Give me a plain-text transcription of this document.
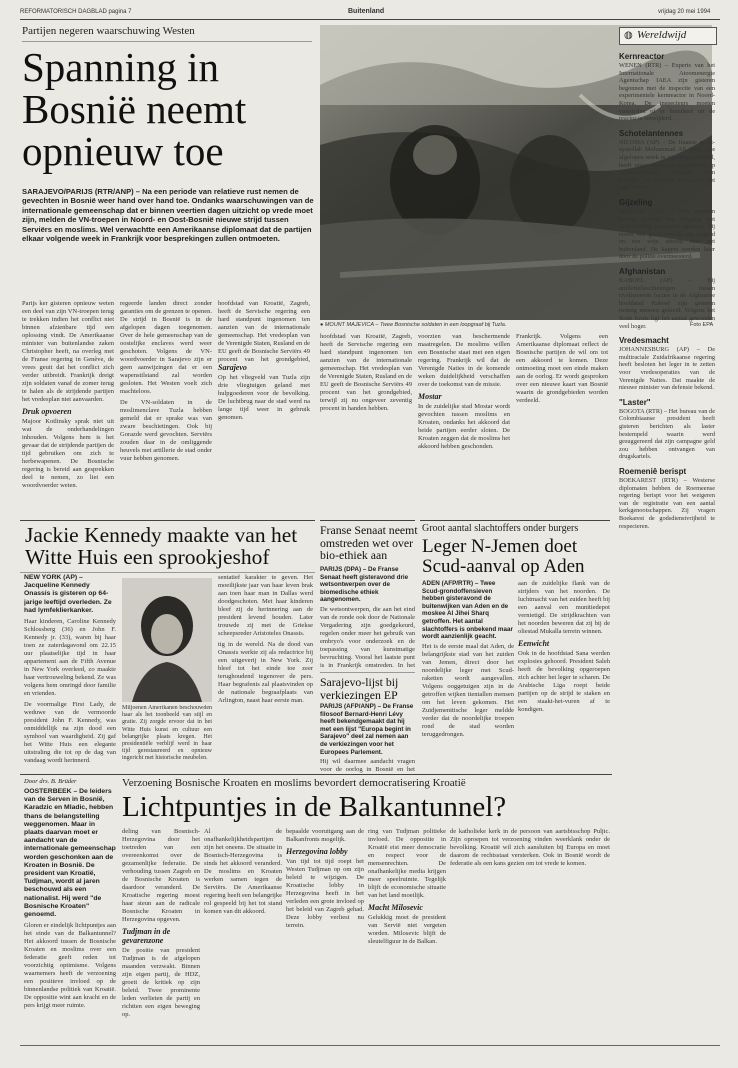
REFORMATORISCH DAGBLAD pagina 7	Buitenland	vrijdag 20 mei 1994
Partijen negeren waarschuwing Westen
Spanning in Bosnië neemt opnieuw toe
SARAJEVO/PARIJS (RTR/ANP) – Na een periode van relatieve rust nemen de gevechten in Bosnië weer hand over hand toe. Ondanks waarschuwingen van de internationale gemeenschap dat er binnen veertien dagen uitzicht op vrede moet zijn, melden de VN-troepen in Noord- en Oost-Bosnië nieuwe strijd tussen Serviërs en moslims. Wel verwachtte een Amerikaanse diplomaat dat de partijen elkaar volgende week in Frankrijk voor besprekingen zullen ontmoeten.
Parijs ker gisteren opnieuw weten een deel van zijn VN-troepen terug te trekken indien het conflict niet binnen afzienbare tijd een oplossing vindt. De Amerikaanse minister van buitenlandse zaken Christopher heeft, na overleg met de Franse regering in Genève, de vrees geuit dat het conflict zich verder uitbreidt. Frankrijk dreigt zijn soldaten vanaf de zomer terug te halen als de strijdende partijen het vredesplan niet aanvaarden.
Druk opvoeren
Majoor Kotlinsky sprak niet uit wat de onderhandelingen inhouden. Volgens hem is het gevaar dat de strijdende partijen de tijd gebruiken om zich te herbewapenen. De Bosnische regering is bereid aan gesprekken deel te nemen, zo liet een woordvoerder weten.
regeerde landen direct zonder garanties om de grenzen te openen. De strijd in Bosnië is in de afgelopen dagen toegenomen. Over de hele gemeenschap van de oostelijke enclaves werd weer geschoten. Volgens de VN-woordvoerder in Sarajevo zijn er geen aanwijzingen dat er een wapenstilstand zal worden gesloten. Het Westen voelt zich machteloos.
De VN-soldaten in de moslimenclave Tuzla hebben gemeld dat er sprake was van zware beschietingen. Ook bij Gorazde werd gevochten. Serviërs zouden daar in de omliggende heuvels met artillerie de stad onder vuur hebben genomen.
hoofdstad van Kroatië, Zagreb, heeft de Servische regering een hard standpunt ingenomen ten aanzien van de internationale gemeenschap. Het vredesplan van de Verenigde Staten, Rusland en de EU geeft de Bosnische Serviërs 49 procent van het grondgebied,
Sarajevo
Op het vliegveld van Tuzla zijn drie vliegtuigen geland met hulpgoederen voor de bevolking. De luchtbrug naar de stad werd na lange tijd weer in gebruik genomen.
● MOUNT MAJEVICA – Twee Bosnische soldaten in een loopgraaf bij Tuzla.	Foto EPA
hoofdstad van Kroatië, Zagreb, heeft de Servische regering een hard standpunt ingenomen ten aanzien van de internationale gemeenschap. Het vredesplan van de Verenigde Staten, Rusland en de EU geeft de Bosnische Serviërs 49 procent van het grondgebied, terwijl zij nu ongeveer zeventig procent in handen hebben.
voorzien van beschermende maatregelen. De moslims willen een Bosnische staat met een eigen regering. Frankrijk wil dat de Verenigde Naties in de komende weken duidelijkheid verschaffen over de toekomst van de missie.
Mostar
In de zuidelijke stad Mostar wordt gevochten tussen moslims en Kroaten, ondanks het akkoord dat beide partijen eerder sloten. De Kroaten zeggen dat de moslims het akkoord hebben geschonden.
Frankrijk. Volgens een Amerikaanse diplomaat reflect de Bosnische partijen de wil om tot een akkoord te komen. Deze ontmoeting moet een einde maken aan de oorlog. Er wordt gesproken over een nieuwe kaart van Bosnië waarin de grondgebieden worden verdeeld.
◍ Wereldwijd
Jackie Kennedy maakte van het Witte Huis een sprookjeshof
NEW YORK (AP) – Jacqueline Kennedy Onassis is gisteren op 64-jarige leeftijd overleden. Ze had lymfeklierkanker.
Haar kinderen, Caroline Kennedy Schlossberg (36) en John F. Kennedy jr. (33), waren bij haar toen ze zaterdagavond om 22.15 uur plaatselijke tijd in haar appartement aan de Fifth Avenue in New York overleed, zo maakte haar vertrouweling bekend. Ze was volgens hem omringd door familie en vrienden.
De voormalige First Lady, de weduwe van de vermoorde president John F. Kennedy, was onmiddellijk na zijn dood een symbool van waardigheid. Zij gaf het Witte Huis een elegante uitstraling die tot op de dag van vandaag wordt herinnerd.
Miljoenen Amerikanen beschouwden haar als het toonbeeld van stijl en gratie. Zij zorgde ervoor dat in het Witte Huis kunst en cultuur een belangrijke plaats kregen. Het presidentiële verblijf werd in haar tijd gerestaureerd en opnieuw ingericht met historische meubelen.
sentatief karakter te geven. Het moeilijkste jaar van haar leven brak aan toen haar man in Dallas werd doodgeschoten. Met haar kinderen bleef zij de herinnering aan de president levend houden. Later trouwde zij met de Griekse scheepsreder Aristoteles Onassis.
tig in de wereld. Na de dood van Onassis werkte zij als redactrice bij een uitgeverij in New York. Zij bleef tot het einde toe zeer terughoudend tegenover de pers. Haar begrafenis zal plaatsvinden op de nationale begraafplaats van Arlington, naast haar eerste man.
Franse Senaat neemt omstreden wet over bio-ethiek aan
PARIJS (DPA) – De Franse Senaat heeft gisteravond drie wetsontwerpen over de biomedische ethiek aangenomen.
De wetsontwerpen, die aan het eind van de ronde ook door de Nationale Vergadering zijn goedgekeurd, regelen onder meer het gebruik van embryo's voor onderzoek en de toepassing van kunstmatige bevruchting. Vooral het laatste punt is in Frankrijk omstreden. In het
Sarajevo-lijst bij verkiezingen EP
PARIJS (AFP/ANP) – De Franse filosoof Bernard-Henri Lévy heeft bekendgemaakt dat hij met een lijst "Europa begint in Sarajevo" deel zal nemen aan de verkiezingen voor het Europees Parlement.
Hij wil daarmee aandacht vragen voor de oorlog in Bosnië en het
Groot aantal slachtoffers onder burgers
Leger N-Jemen doet Scud-aanval op Aden
ADEN (AFP/RTR) – Twee Scud-grondoffensieven hebben gisteravond de buitenwijken van Aden en de moskee Al Jihei Sharq getroffen. Het aantal slachtoffers is onbekend maar wordt aanzienlijk geacht.
Het is de eerste maal dat Aden, de belangrijkste stad van het zuiden van Jemen, direct door het noordelijke leger met Scud-raketten wordt aangevallen. Volgens ooggetuigen zijn in de getroffen wijken tientallen mensen om het leven gekomen. Het Zuidjemenitische leger meldde verder dat de noordelijke troepen rond de stad worden teruggedrongen.
aan de zuidelijke flank van de strijders van het noorden. De luchtmacht van het zuiden heeft bij een aanval een munitiedepot vernietigd. De strijdkrachten van het noorden beweren dat zij bij de oliestad Mukalla terrein winnen.
Eenwicht
Ook in de hoofdstad Sana werden explosies gehoord. President Saleh heeft de bevolking opgeroepen zich achter het leger te scharen. De Arabische Liga roept beide partijen op de strijd te staken en een staakt-het-vuren af te kondigen.
Kernreactor
WENEN (RTR) – Experts van het Internationale Atoomenergie Agentschap IAEA zijn gisteren begonnen met de inspectie van een experimentele kernreactor in Noord-Korea. De inspecteurs moeten vaststellen of er brandstof uit de reactor is verwijderd.
Schotelantennes
NICOSIA (AP) – De Iraanse groot-ayatollah Mohammad Ali Araki, die afgelopen week in zijn dorp overleed, heeft opgeroepen tot een verbod op schotelantennes. Volgens hem brengen zij westerse invloeden het land binnen.
Gijzeling
MOSKOU (AP) – Drie mannen hebben gisteren een vliegtuig met ruim twintig passagiers gekaapt. Zij eisten een groot bedrag aan losgeld en een vrije aftocht naar het buitenland. De kapers werden later door de politie overmeesterd.
Afghanistan
KABOEL (AP) – Bij artilleriebeschietingen tussen rivaliserende facties in de Afghaanse hoofdstad Kaboel zijn gisteren twintig mensen gedood. Volgens het Rode Kruis ligt het aantal gewonden veel hoger.
Vredesmacht
JOHANNESBURG (AP) – De multiraciale Zuidafrikaanse regering heeft besloten het leger in te zetten voor vredesoperaties van de Verenigde Naties. Dat maakte de nieuwe minister van defensie bekend.
"Laster"
BOGOTA (RTR) – Het bureau van de Colombiaanse president heeft gisteren berichten als laster bestempeld waarin werd gesuggereerd dat zijn campagne geld zou hebben ontvangen van drugskartels.
Roemeniê berispt
BOEKAREST (RTR) – Westerse diplomaten hebben de Roemeense regering berispt voor het weigeren van de registratie van een aantal kerkgenootschappen. Zij vragen Boekarest de godsdienstvrijheid te respecteren.
Door drs. B. Brüder	Verzoening Bosnische Kroaten en moslims bevordert democratisering Kroatië
Lichtpuntjes in de Balkantunnel?
OOSTERBEEK – De leiders van de Serven in Bosnië, Karadzic en Mladic, hebben thans de belangstelling weggenomen. Maar in plaats daarvan moet er aandacht van de internationale gemeenschap worden geschonken aan de Kroaten in Bosnië. De president van Kroatië, Tudjman, wordt al jaren beschouwd als een nationalist. Hij werd "de Bosnische Kroaten" genoemd.
Gloren er eindelijk lichtpuntjes aan het einde van de Balkantunnel? Het akkoord tussen de Bosnische Kroaten en moslims over een federatie geeft reden tot voorzichtig optimisme. Volgens waarnemers heeft de verzoening een positieve invloed op de binnenlandse politiek van Kroatië. De oppositie wint aan kracht en de pers krijgt meer ruimte.
deling van Bosnisch-Herzegovina door het toetreden van een overeenkomst over de gezamenlijke federatie. De verhouding tussen Zagreb en de Bosnische Kroaten is daardoor veranderd. De Kroatische regering moest haar steun aan de radicale Bosnische Kroaten in Herzegovina opgeven.
Tudjman in de gevarenzone
De positie van president Tudjman is de afgelopen maanden verzwakt. Binnen zijn eigen partij, de HDZ, groeit de kritiek op zijn beleid. Twee prominente leden verlieten de partij en richtten een eigen beweging op.
Al de onafhankelijkheidspartijen zijn het oneens. De situatie in Bosnisch-Herzegovina is sinds het akkoord veranderd. De moslims en Kroaten werken samen tegen de Serviërs. De Amerikaanse regering heeft een belangrijke rol gespeeld bij het tot stand komen van dit akkoord.
bepaalde vooruitgang aan de Balkanfronts mogelijk.
Herzegovina lobby
Van tijd tot tijd roept het Westen Tudjman op om zijn beleid te wijzigen. De Kroatische lobby in Herzegovina heeft in het verleden een grote invloed op het beleid van Zagreb gehad. Deze lobby verliest nu terrein.
ring van Tudjman politieke invloed. De oppositie in Kroatië eist meer democratie en respect voor de mensenrechten. De onafhankelijke media krijgen meer speelruimte. Tegelijk blijft de economische situatie van het land moeilijk.
Macht Milosevic
Gelukkig moet de president van Servië niet vergeten worden. Milosevic blijft de sleutelfiguur in de Balkan.
de katholieke kerk in de persoon van aartsbisschop Puljic. Zijn oproepen tot verzoening vinden weerklank onder de bevolking. Kroatië wil zich aansluiten bij Europa en moet daarom de rechtsstaat versterken. Ook in Bosnië wordt de federatie als een kans gezien om tot vrede te komen.
